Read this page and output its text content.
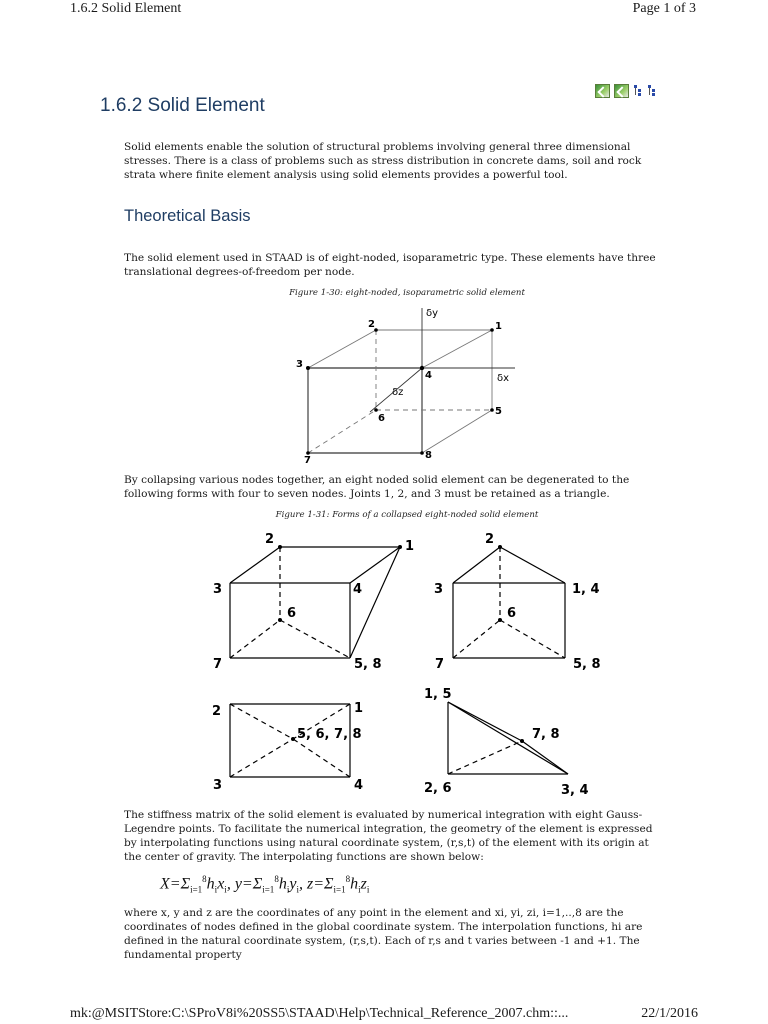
1.6.2 Solid Element	Page 1 of 3
1.6.2 Solid Element

Solid elements enable the solution of structural problems involving general three dimensional stresses. There is a class of problems such as stress distribution in concrete dams, soil and rock strata where finite element analysis using solid elements provides a powerful tool.

Theoretical Basis

The solid element used in STAAD is of eight-noded, isoparametric type. These elements have three translational degrees-of-freedom per node.

Figure 1-30: eight-noded, isoparametric solid element

1
2
3
4
5
6
7	8
δy
δx
δz

By collapsing various nodes together, an eight noded solid element can be degenerated to the following forms with four to seven nodes. Joints 1, 2, and 3 must be retained as a triangle.

Figure 1-31: Forms of a collapsed eight-noded solid element

2	1
3	4
6
7	5, 8
2
3	1, 4
6
7	5, 8
2	1
5, 6, 7, 8
3	4
1, 5
7, 8
2, 6	3, 4

The stiffness matrix of the solid element is evaluated by numerical integration with eight Gauss-Legendre points. To facilitate the numerical integration, the geometry of the element is expressed by interpolating functions using natural coordinate system, (r,s,t) of the element with its origin at the center of gravity. The interpolating functions are shown below:

$X=\Sigma_{i=1}^8h_ix_i$, $y=\Sigma_{i=1}^8h_iy_i$, $z=\Sigma_{i=1}^8h_iz_i$

where x, y and z are the coordinates of any point in the element and xi, yi, zi, i=1,..,8 are the coordinates of nodes defined in the global coordinate system. The interpolation functions, hi are defined in the natural coordinate system, (r,s,t). Each of r,s and t varies between -1 and +1. The fundamental property

mk:@MSITStore:C:\SProV8i%20SS5\STAAD\Help\Technical_Reference_2007.chm::...	22/1/2016
